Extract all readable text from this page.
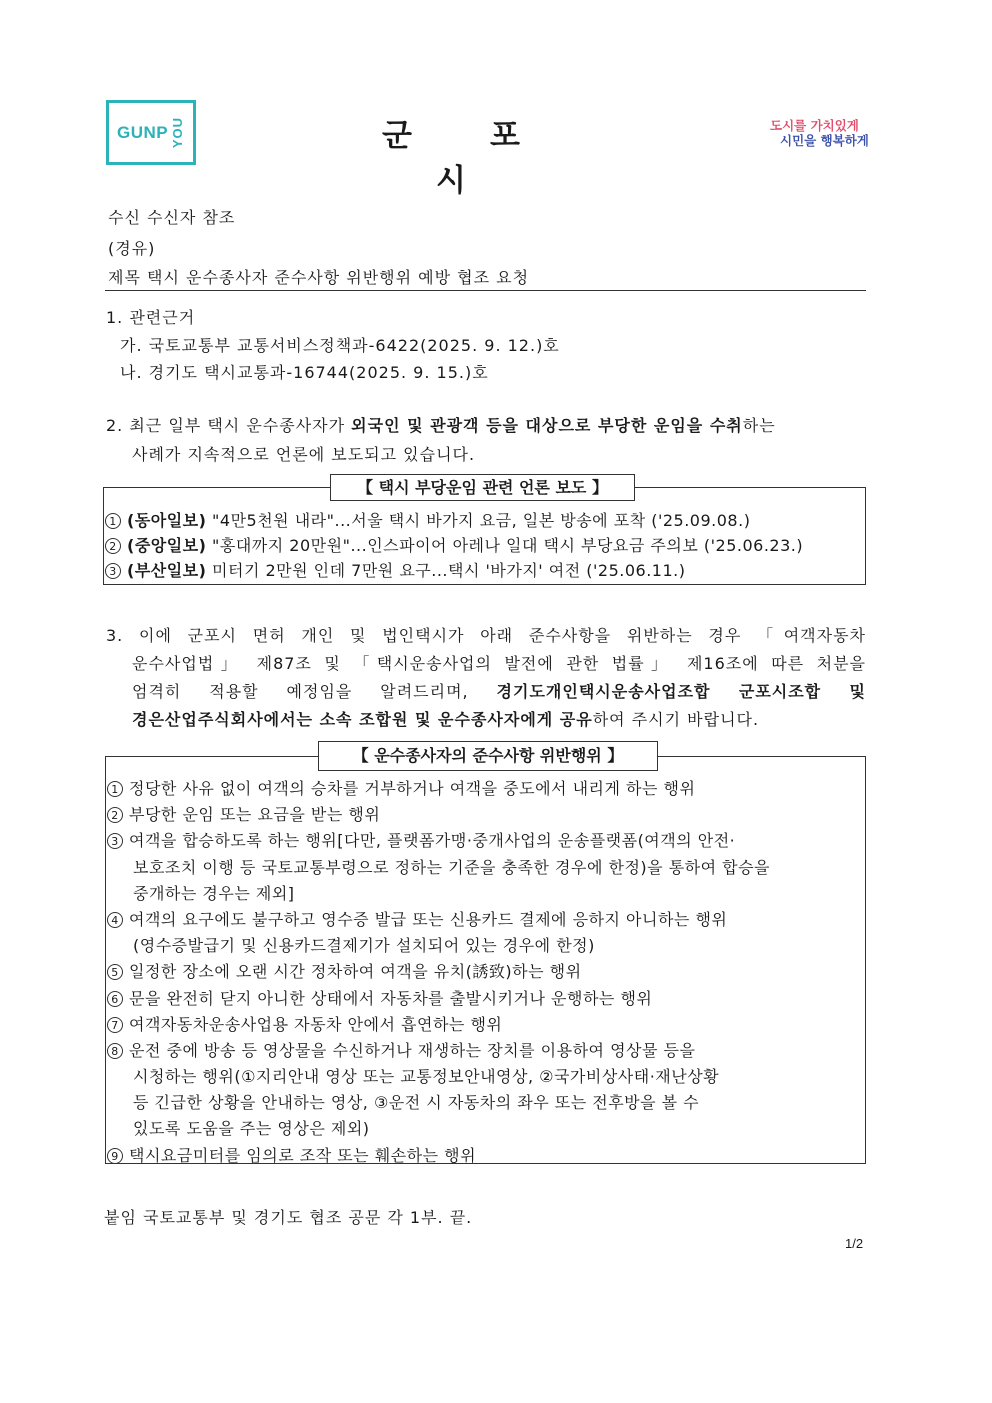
GUNP YOU	군포시
도시를 가치있게
시민을 행복하게
수신 수신자 참조
(경유)
제목 택시 운수종사자 준수사항 위반행위 예방 협조 요청
1. 관련근거
가. 국토교통부 교통서비스정책과-6422(2025. 9. 12.)호
나. 경기도 택시교통과-16744(2025. 9. 15.)호
2. 최근 일부 택시 운수종사자가 외국인 및 관광객 등을 대상으로 부당한 운임을 수취하는
사례가 지속적으로 언론에 보도되고 있습니다.
【 택시 부당운임 관련 언론 보도 】
1 (동아일보) "4만5천원 내라"...서울 택시 바가지 요금, 일본 방송에 포착 ('25.09.08.)
2 (중앙일보) "홍대까지 20만원"...인스파이어 아레나 일대 택시 부당요금 주의보 ('25.06.23.)
3 (부산일보) 미터기 2만원 인데 7만원 요구...택시 '바가지' 여전 ('25.06.11.)
3. 이에 군포시 면허 개인 및 법인택시가 아래 준수사항을 위반하는 경우 「여객자동차
운수사업법」 제87조 및 「택시운송사업의 발전에 관한 법률」 제16조에 따른 처분을
엄격히 적용할 예정임을 알려드리며, 경기도개인택시운송사업조합 군포시조합 및
경은산업주식회사에서는 소속 조합원 및 운수종사자에게 공유하여 주시기 바랍니다.
【 운수종사자의 준수사항 위반행위 】
1 정당한 사유 없이 여객의 승차를 거부하거나 여객을 중도에서 내리게 하는 행위
2 부당한 운임 또는 요금을 받는 행위
3 여객을 합승하도록 하는 행위[다만, 플랫폼가맹·중개사업의 운송플랫폼(여객의 안전·
보호조치 이행 등 국토교통부령으로 정하는 기준을 충족한 경우에 한정)을 통하여 합승을
중개하는 경우는 제외]
4 여객의 요구에도 불구하고 영수증 발급 또는 신용카드 결제에 응하지 아니하는 행위
(영수증발급기 및 신용카드결제기가 설치되어 있는 경우에 한정)
5 일정한 장소에 오랜 시간 정차하여 여객을 유치(誘致)하는 행위
6 문을 완전히 닫지 아니한 상태에서 자동차를 출발시키거나 운행하는 행위
7 여객자동차운송사업용 자동차 안에서 흡연하는 행위
8 운전 중에 방송 등 영상물을 수신하거나 재생하는 장치를 이용하여 영상물 등을
시청하는 행위(①지리안내 영상 또는 교통정보안내영상, ②국가비상사태·재난상황
등 긴급한 상황을 안내하는 영상, ③운전 시 자동차의 좌우 또는 전후방을 볼 수
있도록 도움을 주는 영상은 제외)
9 택시요금미터를 임의로 조작 또는 훼손하는 행위
붙임 국토교통부 및 경기도 협조 공문 각 1부. 끝.
1/2
